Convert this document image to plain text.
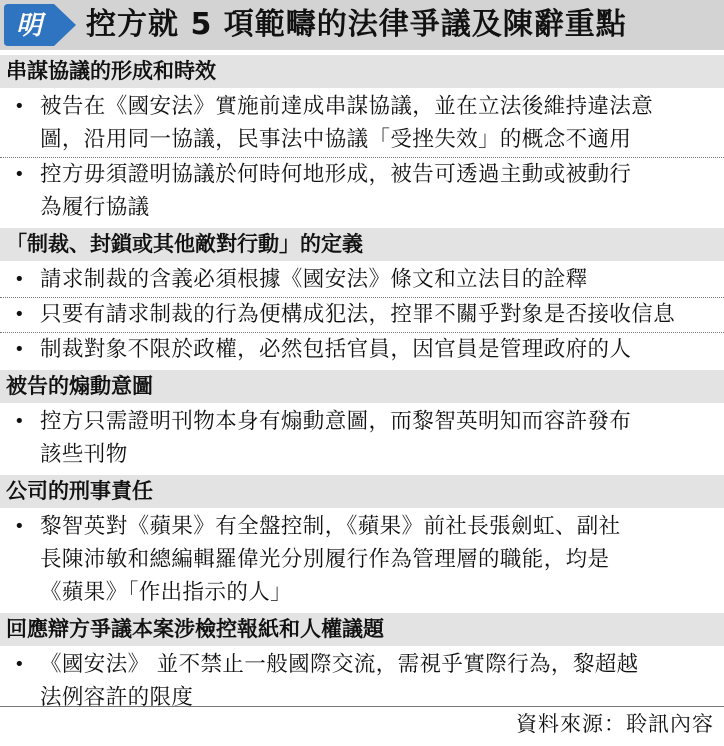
明 控方就 5 項範疇的法律爭議及陳辭重點
串謀協議的形成和時效
• 被告在《國安法》實施前達成串謀協議，並在立法後維持違法意
圖，沿用同一協議，民事法中協議「受挫失效」的概念不適用
• 控方毋須證明協議於何時何地形成，被告可透過主動或被動行
為履行協議
「制裁、封鎖或其他敵對行動」的定義
• 請求制裁的含義必須根據《國安法》條文和立法目的詮釋
• 只要有請求制裁的行為便構成犯法，控罪不關乎對象是否接收信息
• 制裁對象不限於政權，必然包括官員，因官員是管理政府的人
被告的煽動意圖
• 控方只需證明刊物本身有煽動意圖，而黎智英明知而容許發布
該些刊物
公司的刑事責任
• 黎智英對《蘋果》有全盤控制，《蘋果》前社長張劍虹、副社
長陳沛敏和總編輯羅偉光分別履行作為管理層的職能，均是
《蘋果》「作出指示的人」
回應辯方爭議本案涉檢控報紙和人權議題
• 《國安法》 並不禁止一般國際交流，需視乎實際行為，黎超越
法例容許的限度
資料來源：聆訊內容
